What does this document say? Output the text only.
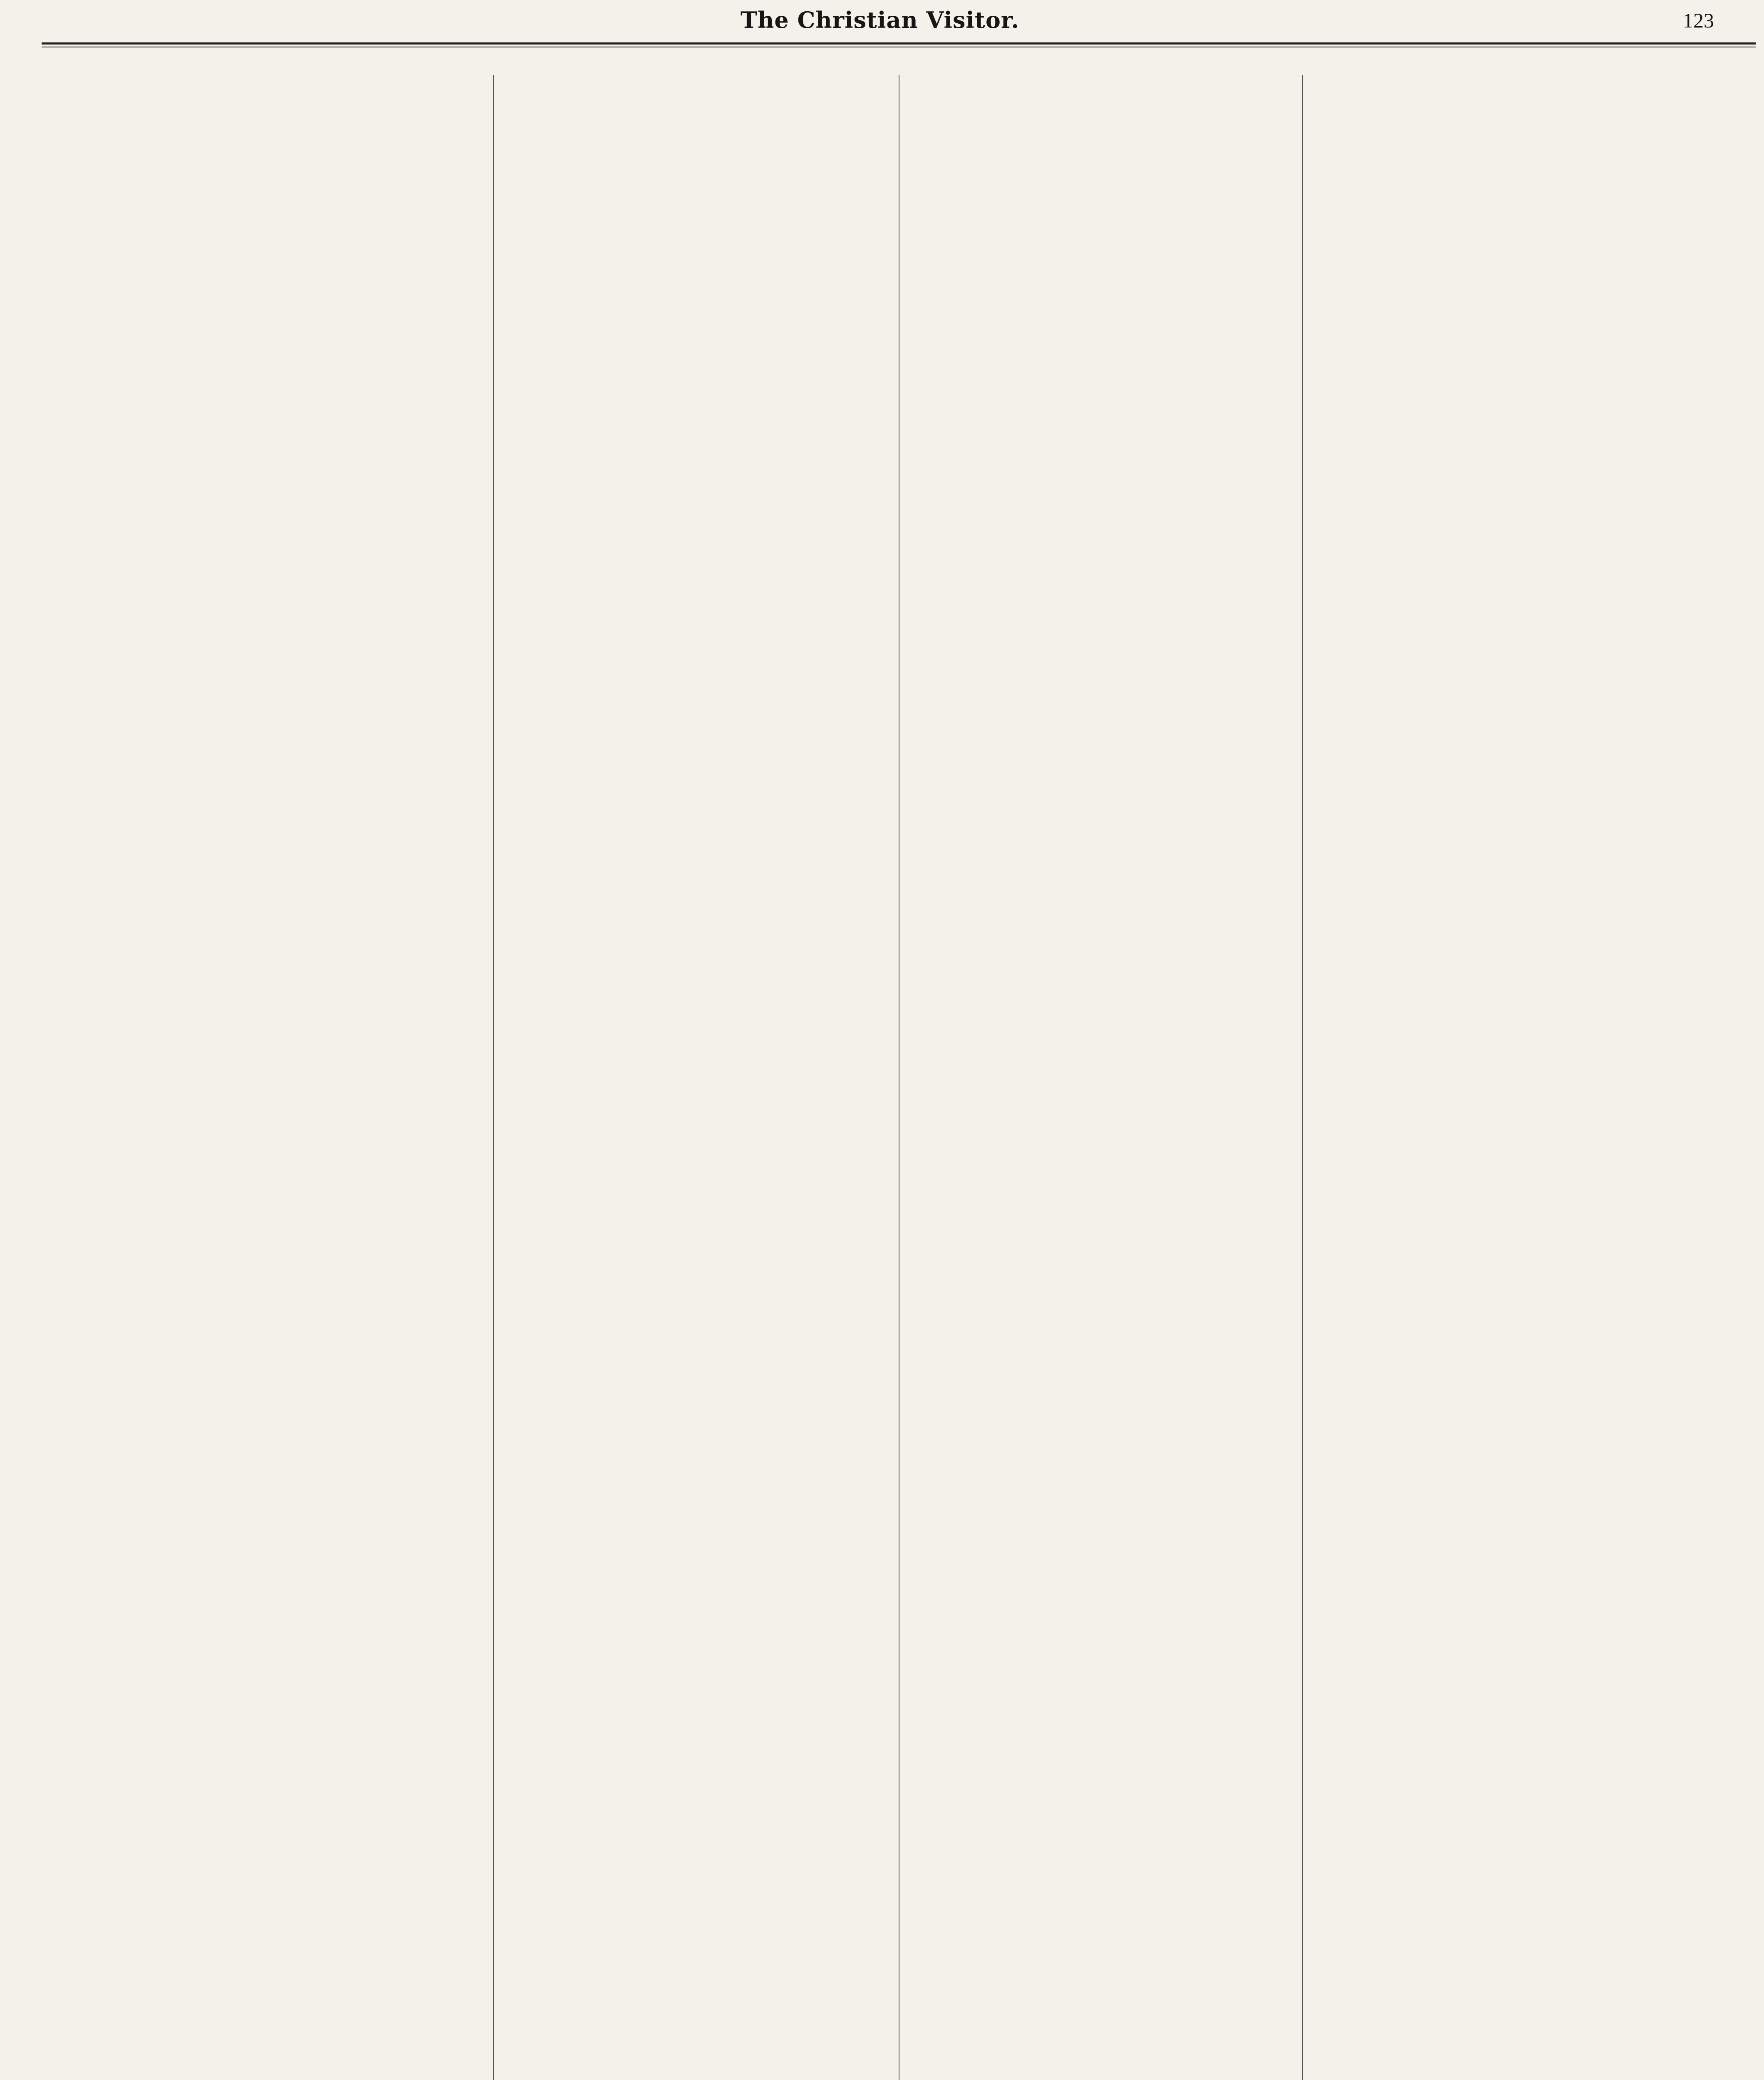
The Christian Visitor.	123
